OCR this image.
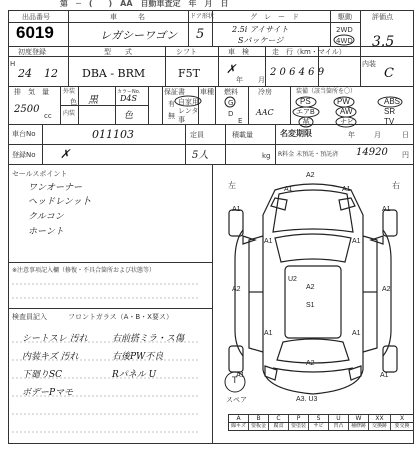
第　─　(　　)　AA　自動車査定　年　月　日
出品番号
6019
車　　　名
レガシーワゴン
ドア形状
5
グ　レ　ー　ド
2.5i アイサイト
Sパッケージ
駆動
2WD
4WD
評価点
3.5
初度登録	型　　式	シフト	車　検	走　行（km・マイル）
内装
H
24 12 DBA - BRM	F5T ✗
年 月
2 0 6 4 6 9	C
排　気　量
2500
cc
色
外装
内装
黒
カラーNo.
D4S
色
保証書
有
無
車種
自家用
レンタ
事
燃料
G
D
E
冷房
AAC
装備（該当箇所を〇）
PS	PW	ABS
エアB	AW	SR
革	ナビ	TV
車台No	011103	定員
5人
積載量
kg
名変期限	年	月	日
登録No ✗	R料金 未預託・預託済 14920 円
セールスポイント
ワンオーナー
ヘッドレンッ卜
クルコン
ホーント
※注意事項記入欄（修復・不具合箇所および状態等）
検査員記入	フロントガラス（A・B・X要ス）
シートスレ 汚れ
内装キズ 汚れ
下廻りSC
ボデーPマモ
右前搭ミラ・ス傷
右後PW不良
Rパネル U
左	右
A2
A1	A1
A1	A1
A1
U2
A1
A2	A2	A2
S1
A1	A1
A1	A1
A2
A3. U3
T
スペア
A	B	C	P	S	U	W	XX	X
線キズ	要板金	腐食	要塗装	サビ	凹凸	補修跡	交換跡	要交換
